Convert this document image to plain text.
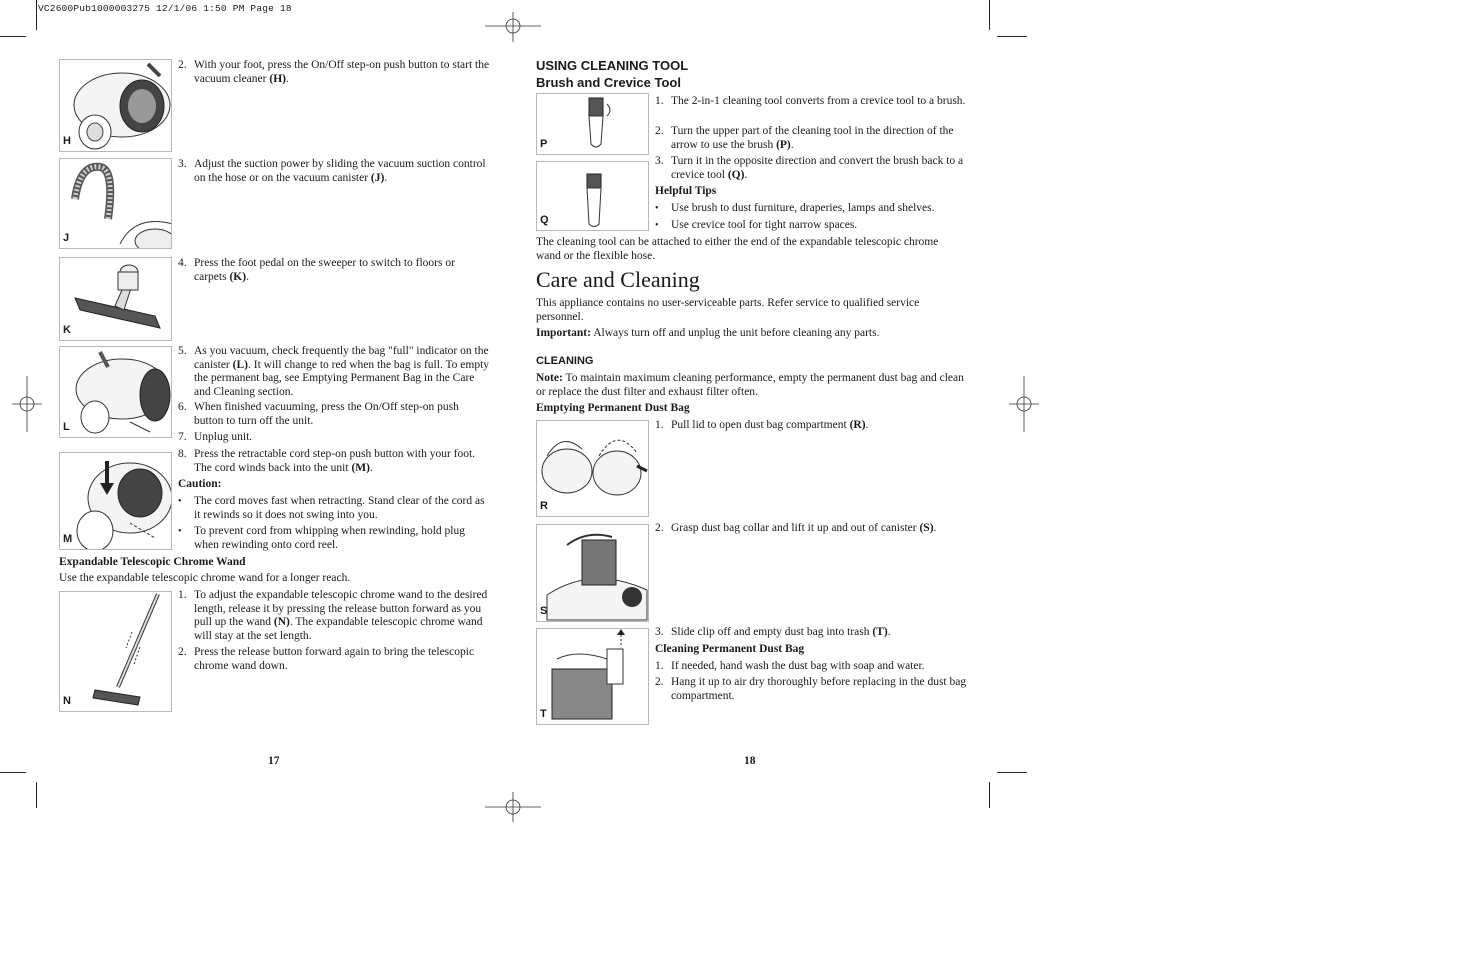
VC2600Pub1000003275 12/1/06 1:50 PM Page 18
H
2. With your foot, press the On/Off step-on push button to start the vacuum cleaner (H).
J
3. Adjust the suction power by sliding the vacuum suction control on the hose or on the vacuum canister (J).
K
4. Press the foot pedal on the sweeper to switch to floors or carpets (K).
L
5. As you vacuum, check frequently the bag "full" indicator on the canister (L). It will change to red when the bag is full. To empty the permanent bag, see Emptying Permanent Bag in the Care and Cleaning section.
6. When finished vacuuming, press the On/Off step-on push button to turn off the unit.
7. Unplug unit.
M
8. Press the retractable cord step-on push button with your foot. The cord winds back into the unit (M).
Caution:
• The cord moves fast when retracting. Stand clear of the cord as it rewinds so it does not swing into you.
• To prevent cord from whipping when rewinding, hold plug when rewinding onto cord reel.
Expandable Telescopic Chrome Wand
Use the expandable telescopic chrome wand for a longer reach.
N
1. To adjust the expandable telescopic chrome wand to the desired length, release it by pressing the release button forward as you pull up the wand (N). The expandable telescopic chrome wand will stay at the set length.
2. Press the release button forward again to bring the telescopic chrome wand down.
17
USING CLEANING TOOL
Brush and Crevice Tool
P
1. The 2-in-1 cleaning tool converts from a crevice tool to a brush.
2. Turn the upper part of the cleaning tool in the direction of the arrow to use the brush (P).
Q
3. Turn it in the opposite direction and convert the brush back to a crevice tool (Q).
Helpful Tips
• Use brush to dust furniture, draperies, lamps and shelves.
• Use crevice tool for tight narrow spaces.
The cleaning tool can be attached to either the end of the expandable telescopic chrome wand or the flexible hose.
Care and Cleaning
This appliance contains no user-serviceable parts. Refer service to qualified service personnel.
Important: Always turn off and unplug the unit before cleaning any parts.
CLEANING
Note: To maintain maximum cleaning performance, empty the permanent dust bag and clean or replace the dust filter and exhaust filter often.
Emptying Permanent Dust Bag
R
1. Pull lid to open dust bag compartment (R).
S
2. Grasp dust bag collar and lift it up and out of canister (S).
T
3. Slide clip off and empty dust bag into trash (T).
Cleaning Permanent Dust Bag
1. If needed, hand wash the dust bag with soap and water.
2. Hang it up to air dry thoroughly before replacing in the dust bag compartment.
18
